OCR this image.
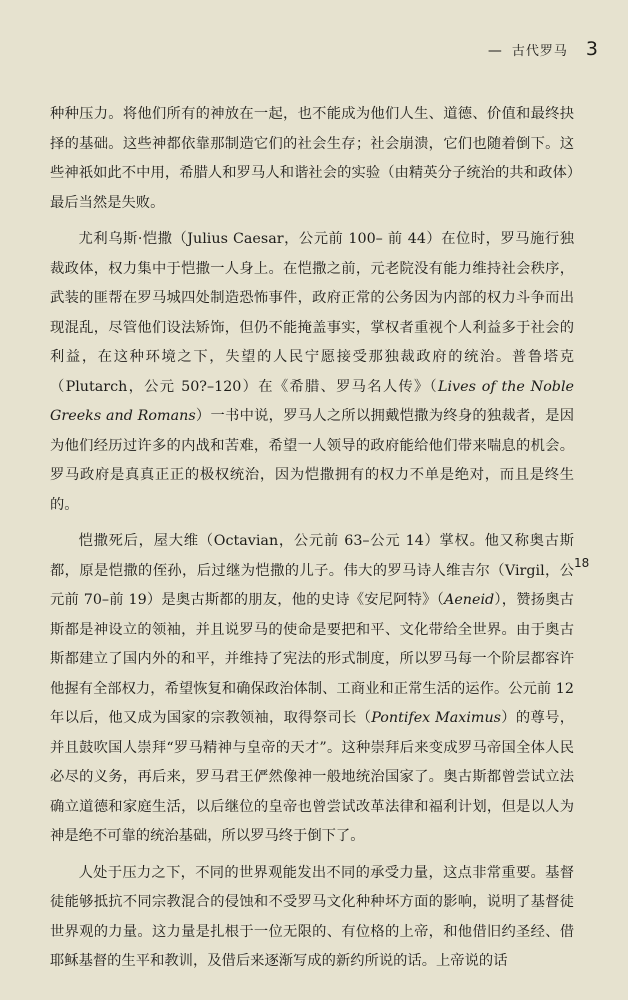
— 古代罗马 3

种种压力。将他们所有的神放在一起，也不能成为他们人生、道德、价值和最终抉择的基础。这些神都依靠那制造它们的社会生存；社会崩溃，它们也随着倒下。这些神祇如此不中用，希腊人和罗马人和谐社会的实验（由精英分子统治的共和政体）最后当然是失败。

尤利乌斯·恺撒（Julius Caesar，公元前 100– 前 44）在位时，罗马施行独裁政体，权力集中于恺撒一人身上。在恺撒之前，元老院没有能力维持社会秩序，武装的匪帮在罗马城四处制造恐怖事件，政府正常的公务因为内部的权力斗争而出现混乱，尽管他们设法矫饰，但仍不能掩盖事实，掌权者重视个人利益多于社会的利益，在这种环境之下，失望的人民宁愿接受那独裁政府的统治。普鲁塔克（Plutarch，公元 50?–120）在《希腊、罗马名人传》（Lives of the Noble Greeks and Romans）一书中说，罗马人之所以拥戴恺撒为终身的独裁者，是因为他们经历过许多的内战和苦难，希望一人领导的政府能给他们带来喘息的机会。罗马政府是真真正正的极权统治，因为恺撒拥有的权力不单是绝对，而且是终生的。

恺撒死后，屋大维（Octavian，公元前 63–公元 14）掌权。他又称奥古斯都，原是恺撒的侄孙，后过继为恺撒的儿子。伟大的罗马诗人维吉尔（Virgil，公元前 70–前 19）是奥古斯都的朋友，他的史诗《安尼阿特》（Aeneid），赞扬奥古斯都是神设立的领袖，并且说罗马的使命是要把和平、文化带给全世界。由于奥古斯都建立了国内外的和平，并维持了宪法的形式制度，所以罗马每一个阶层都容许他握有全部权力，希望恢复和确保政治体制、工商业和正常生活的运作。公元前 12 年以后，他又成为国家的宗教领袖，取得祭司长（Pontifex Maximus）的尊号，并且鼓吹国人崇拜“罗马精神与皇帝的天才”。这种崇拜后来变成罗马帝国全体人民必尽的义务，再后来，罗马君王俨然像神一般地统治国家了。奥古斯都曾尝试立法确立道德和家庭生活，以后继位的皇帝也曾尝试改革法律和福利计划，但是以人为神是绝不可靠的统治基础，所以罗马终于倒下了。

人处于压力之下，不同的世界观能发出不同的承受力量，这点非常重要。基督徒能够抵抗不同宗教混合的侵蚀和不受罗马文化种种坏方面的影响，说明了基督徒世界观的力量。这力量是扎根于一位无限的、有位格的上帝，和他借旧约圣经、借耶稣基督的生平和教训，及借后来逐渐写成的新约所说的话。上帝说的话

18
